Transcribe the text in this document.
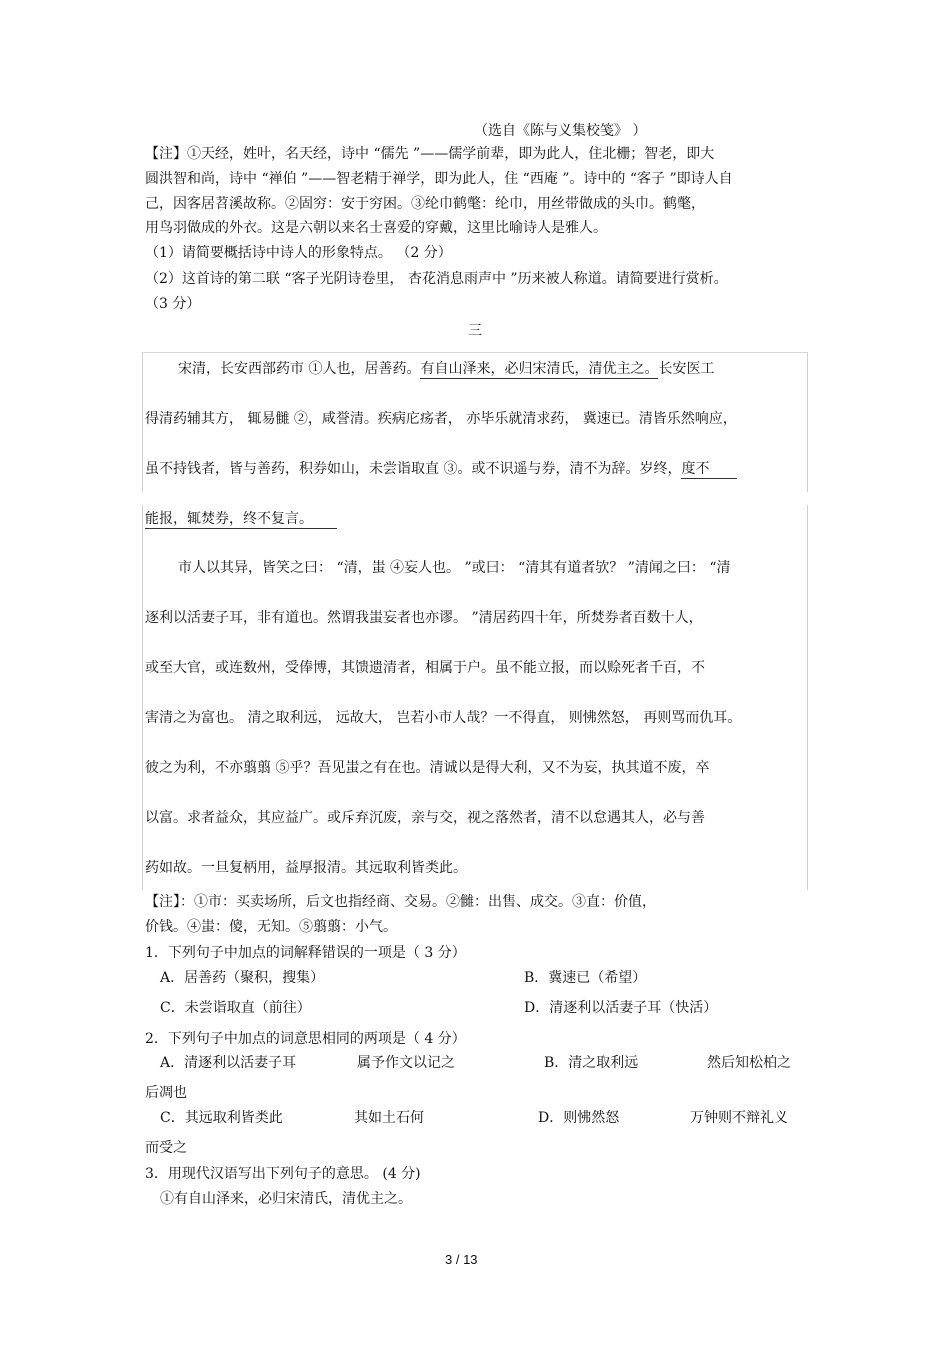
（选自《陈与义集校笺》 ）
【注】①天经，姓叶，名天经，诗中 “儒先 ”——儒学前辈，即为此人，住北栅；智老，即大
圆洪智和尚，诗中 “禅伯 ”——智老精于禅学，即为此人，住 “西庵 ”。诗中的 “客子 ”即诗人自
己，因客居苕溪故称。②固穷：安于穷困。③纶巾鹤氅：纶巾，用丝带做成的头巾。鹤氅，
用鸟羽做成的外衣。这是六朝以来名士喜爱的穿戴，这里比喻诗人是雅人。
（1）请简要概括诗中诗人的形象特点。 （2 分）
（2）这首诗的第二联 “客子光阴诗卷里， 杏花消息雨声中 ”历来被人称道。请简要进行赏析。
（3 分）
三
宋清，长安西部药市 ①人也，居善药。有自山泽来，必归宋清氏，清优主之。长安医工
得清药辅其方， 辄易雠 ②，咸誉清。疾病庀疡者， 亦毕乐就清求药， 冀速已。清皆乐然响应，
虽不持钱者，皆与善药，积券如山，未尝诣取直 ③。或不识遥与券，清不为辞。岁终，度不
能报，辄焚券，终不复言。
市人以其异，皆笑之曰： “清，蚩 ④妄人也。 ”或曰： “清其有道者欤？ ”清闻之曰： “清
逐利以活妻子耳，非有道也。然谓我蚩妄者也亦谬。 ”清居药四十年，所焚券者百数十人，
或至大官，或连数州，受俸博，其馈遗清者，相属于户。虽不能立报，而以赊死者千百，不
害清之为富也。 清之取利远， 远故大， 岂若小市人哉？一不得直， 则怫然怒， 再则骂而仇耳。
彼之为利，不亦翦翦 ⑤乎？吾见蚩之有在也。清诚以是得大利，又不为妄，执其道不废，卒
以富。求者益众，其应益广。或斥弃沉废，亲与交，视之落然者，清不以怠遇其人，必与善
药如故。一旦复柄用，益厚报清。其远取利皆类此。
【注】：①市：买卖场所，后文也指经商、交易。②雠：出售、成交。③直：价值，
价钱。④蚩：傻，无知。⑤翦翦：小气。
1．下列句子中加点的词解释错误的一项是（ 3 分）
A．居善药（聚积，搜集）	B．冀速已（希望）
C．未尝诣取直（前往）	D．清逐利以活妻子耳（快活）
2．下列句子中加点的词意思相同的两项是（ 4 分）
A．清逐利以活妻子耳	属予作文以记之	B．清之取利远	然后知松柏之
后凋也
C．其远取利皆类此	其如土石何	D．则怫然怒	万钟则不辩礼义
而受之
3．用现代汉语写出下列句子的意思。 (4 分)
①有自山泽来，必归宋清氏，清优主之。
3 / 13
